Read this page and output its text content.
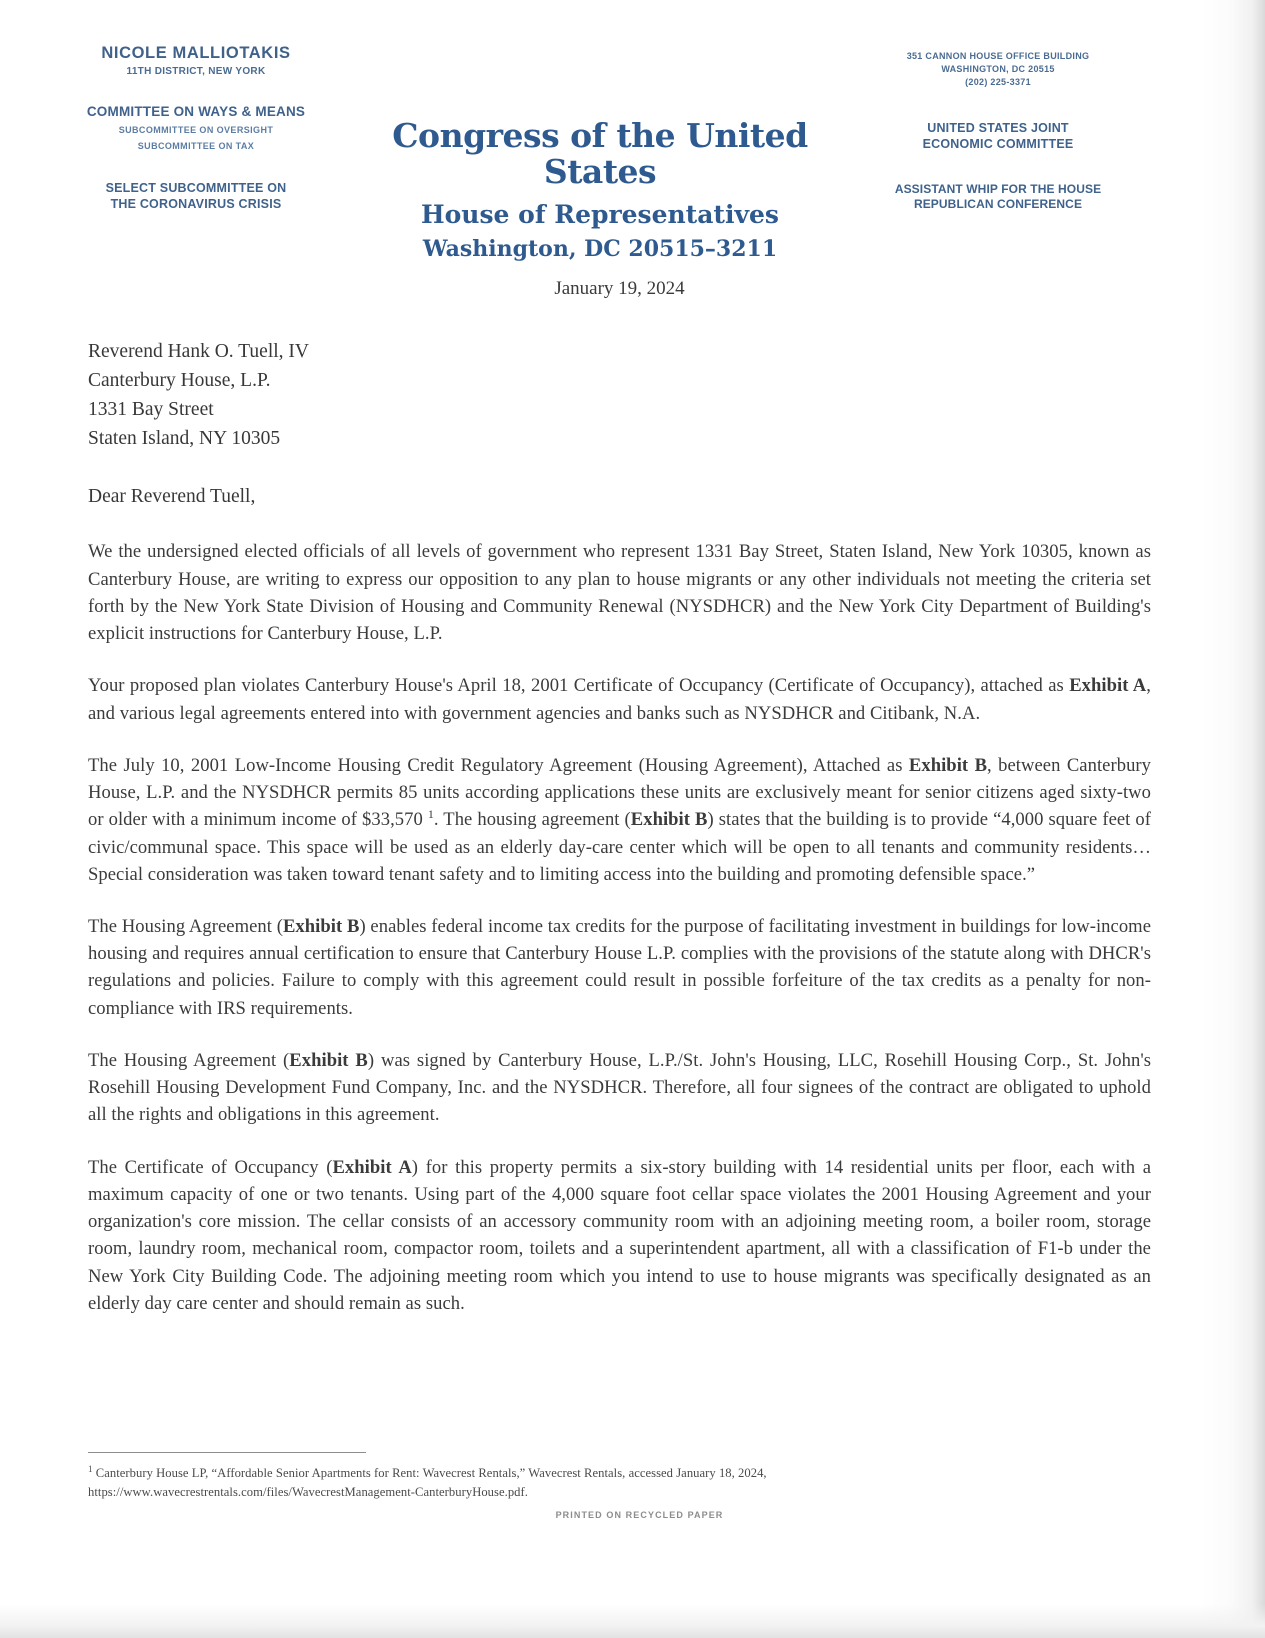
NICOLE MALLIOTAKIS
11TH DISTRICT, NEW YORK
COMMITTEE ON WAYS & MEANS
SUBCOMMITTEE ON OVERSIGHT
SUBCOMMITTEE ON TAX
SELECT SUBCOMMITTEE ON
THE CORONAVIRUS CRISIS
Congress of the United States
House of Representatives
Washington, DC 20515–3211
351 CANNON HOUSE OFFICE BUILDING
WASHINGTON, DC 20515
(202) 225-3371
UNITED STATES JOINT
ECONOMIC COMMITTEE
ASSISTANT WHIP FOR THE HOUSE
REPUBLICAN CONFERENCE
January 19, 2024
Reverend Hank O. Tuell, IV
Canterbury House, L.P.
1331 Bay Street
Staten Island, NY 10305
Dear Reverend Tuell,

We the undersigned elected officials of all levels of government who represent 1331 Bay Street, Staten Island, New York 10305, known as Canterbury House, are writing to express our opposition to any plan to house migrants or any other individuals not meeting the criteria set forth by the New York State Division of Housing and Community Renewal (NYSDHCR) and the New York City Department of Building's explicit instructions for Canterbury House, L.P.

Your proposed plan violates Canterbury House's April 18, 2001 Certificate of Occupancy (Certificate of Occupancy), attached as Exhibit A, and various legal agreements entered into with government agencies and banks such as NYSDHCR and Citibank, N.A.

The July 10, 2001 Low-Income Housing Credit Regulatory Agreement (Housing Agreement), Attached as Exhibit B, between Canterbury House, L.P. and the NYSDHCR permits 85 units according applications these units are exclusively meant for senior citizens aged sixty-two or older with a minimum income of $33,570 $^1$. The housing agreement (Exhibit B) states that the building is to provide “4,000 square feet of civic/communal space. This space will be used as an elderly day-care center which will be open to all tenants and community residents…Special consideration was taken toward tenant safety and to limiting access into the building and promoting defensible space.”

The Housing Agreement (Exhibit B) enables federal income tax credits for the purpose of facilitating investment in buildings for low-income housing and requires annual certification to ensure that Canterbury House L.P. complies with the provisions of the statute along with DHCR's regulations and policies. Failure to comply with this agreement could result in possible forfeiture of the tax credits as a penalty for non-compliance with IRS requirements.

The Housing Agreement (Exhibit B) was signed by Canterbury House, L.P./St. John's Housing, LLC, Rosehill Housing Corp., St. John's Rosehill Housing Development Fund Company, Inc. and the NYSDHCR. Therefore, all four signees of the contract are obligated to uphold all the rights and obligations in this agreement.

The Certificate of Occupancy (Exhibit A) for this property permits a six-story building with 14 residential units per floor, each with a maximum capacity of one or two tenants. Using part of the 4,000 square foot cellar space violates the 2001 Housing Agreement and your organization's core mission. The cellar consists of an accessory community room with an adjoining meeting room, a boiler room, storage room, laundry room, mechanical room, compactor room, toilets and a superintendent apartment, all with a classification of F1-b under the New York City Building Code. The adjoining meeting room which you intend to use to house migrants was specifically designated as an elderly day care center and should remain as such.

$^1$ Canterbury House LP, “Affordable Senior Apartments for Rent: Wavecrest Rentals,” Wavecrest Rentals, accessed January 18, 2024,
https://www.wavecrestrentals.com/files/WavecrestManagement-CanterburyHouse.pdf.
PRINTED ON RECYCLED PAPER
